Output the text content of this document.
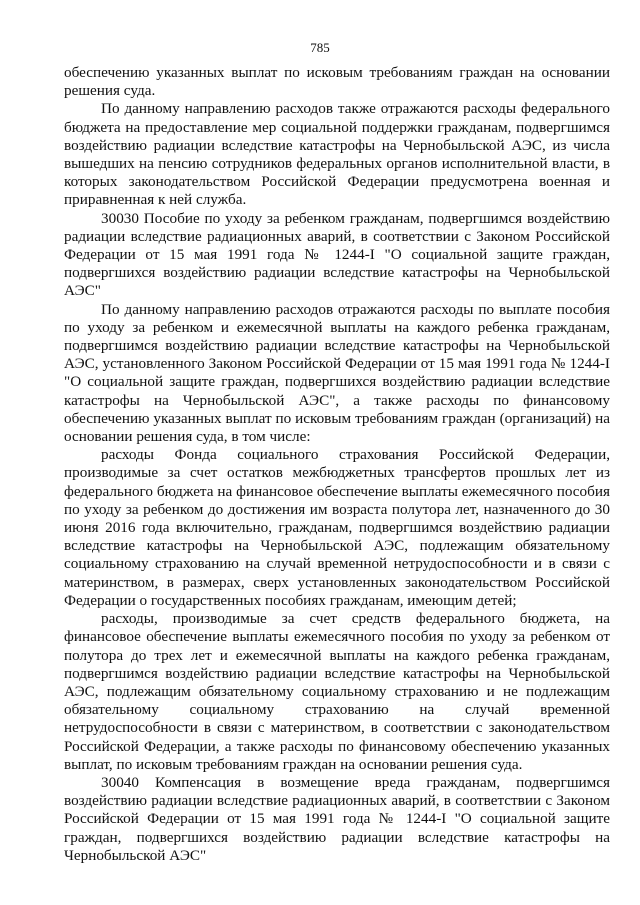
785

обеспечению указанных выплат по исковым требованиям граждан на основании решения суда.

По данному направлению расходов также отражаются расходы федерального бюджета на предоставление мер социальной поддержки гражданам, подвергшимся воздействию радиации вследствие катастрофы на Чернобыльской АЭС, из числа вышедших на пенсию сотрудников федеральных органов исполнительной власти, в которых законодательством Российской Федерации предусмотрена военная и приравненная к ней служба.

30030 Пособие по уходу за ребенком гражданам, подвергшимся воздействию радиации вследствие радиационных аварий, в соответствии с Законом Российской Федерации от 15 мая 1991 года № 1244-I "О социальной защите граждан, подвергшихся воздействию радиации вследствие катастрофы на Чернобыльской АЭС"

По данному направлению расходов отражаются расходы по выплате пособия по уходу за ребенком и ежемесячной выплаты на каждого ребенка гражданам, подвергшимся воздействию радиации вследствие катастрофы на Чернобыльской АЭС, установленного Законом Российской Федерации от 15 мая 1991 года № 1244-I "О социальной защите граждан, подвергшихся воздействию радиации вследствие катастрофы на Чернобыльской АЭС", а также расходы по финансовому обеспечению указанных выплат по исковым требованиям граждан (организаций) на основании решения суда, в том числе:

расходы Фонда социального страхования Российской Федерации, производимые за счет остатков межбюджетных трансфертов прошлых лет из федерального бюджета на финансовое обеспечение выплаты ежемесячного пособия по уходу за ребенком до достижения им возраста полутора лет, назначенного до 30 июня 2016 года включительно, гражданам, подвергшимся воздействию радиации вследствие катастрофы на Чернобыльской АЭС, подлежащим обязательному социальному страхованию на случай временной нетрудоспособности и в связи с материнством, в размерах, сверх установленных законодательством Российской Федерации о государственных пособиях гражданам, имеющим детей;

расходы, производимые за счет средств федерального бюджета, на финансовое обеспечение выплаты ежемесячного пособия по уходу за ребенком от полутора до трех лет и ежемесячной выплаты на каждого ребенка гражданам, подвергшимся воздействию радиации вследствие катастрофы на Чернобыльской АЭС, подлежащим обязательному социальному страхованию и не подлежащим обязательному социальному страхованию на случай временной нетрудоспособности в связи с материнством, в соответствии с законодательством Российской Федерации, а также расходы по финансовому обеспечению указанных выплат, по исковым требованиям граждан на основании решения суда.

30040 Компенсация в возмещение вреда гражданам, подвергшимся воздействию радиации вследствие радиационных аварий, в соответствии с Законом Российской Федерации от 15 мая 1991 года № 1244-I "О социальной защите граждан, подвергшихся воздействию радиации вследствие катастрофы на Чернобыльской АЭС"
